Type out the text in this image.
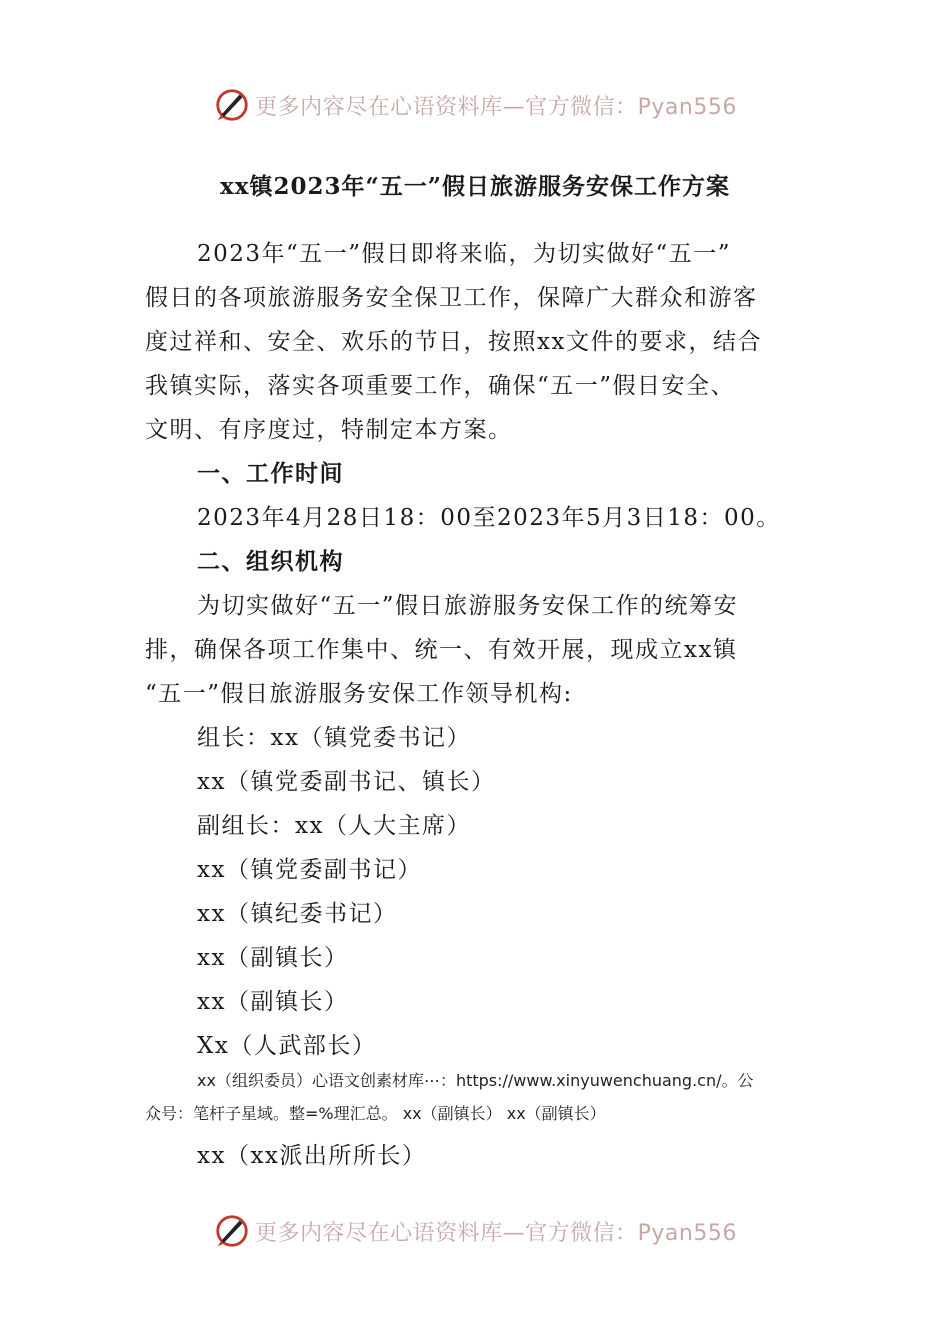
更多内容尽在心语资料库—官方微信：Pyan556
xx镇2023年“五一”假日旅游服务安保工作方案
2023年“五一”假日即将来临，为切实做好“五一”
假日的各项旅游服务安全保卫工作，保障广大群众和游客
度过祥和、安全、欢乐的节日，按照xx文件的要求，结合
我镇实际，落实各项重要工作，确保“五一”假日安全、
文明、有序度过，特制定本方案。
一、工作时间
2023年4月28日18：00至2023年5月3日18：00。
二、组织机构
为切实做好“五一”假日旅游服务安保工作的统筹安
排，确保各项工作集中、统一、有效开展，现成立xx镇
“五一”假日旅游服务安保工作领导机构:
组长：xx（镇党委书记）
xx（镇党委副书记、镇长）
副组长：xx（人大主席）
xx（镇党委副书记）
xx（镇纪委书记）
xx（副镇长）
xx（副镇长）
Xx（人武部长）
xx（组织委员）心语文创素材库⋯：https://www.xinyuwenchuang.cn/。公
众号：笔杆子星域。整=%理汇总。 xx（副镇长） xx（副镇长）
xx（xx派出所所长）
更多内容尽在心语资料库—官方微信：Pyan556
